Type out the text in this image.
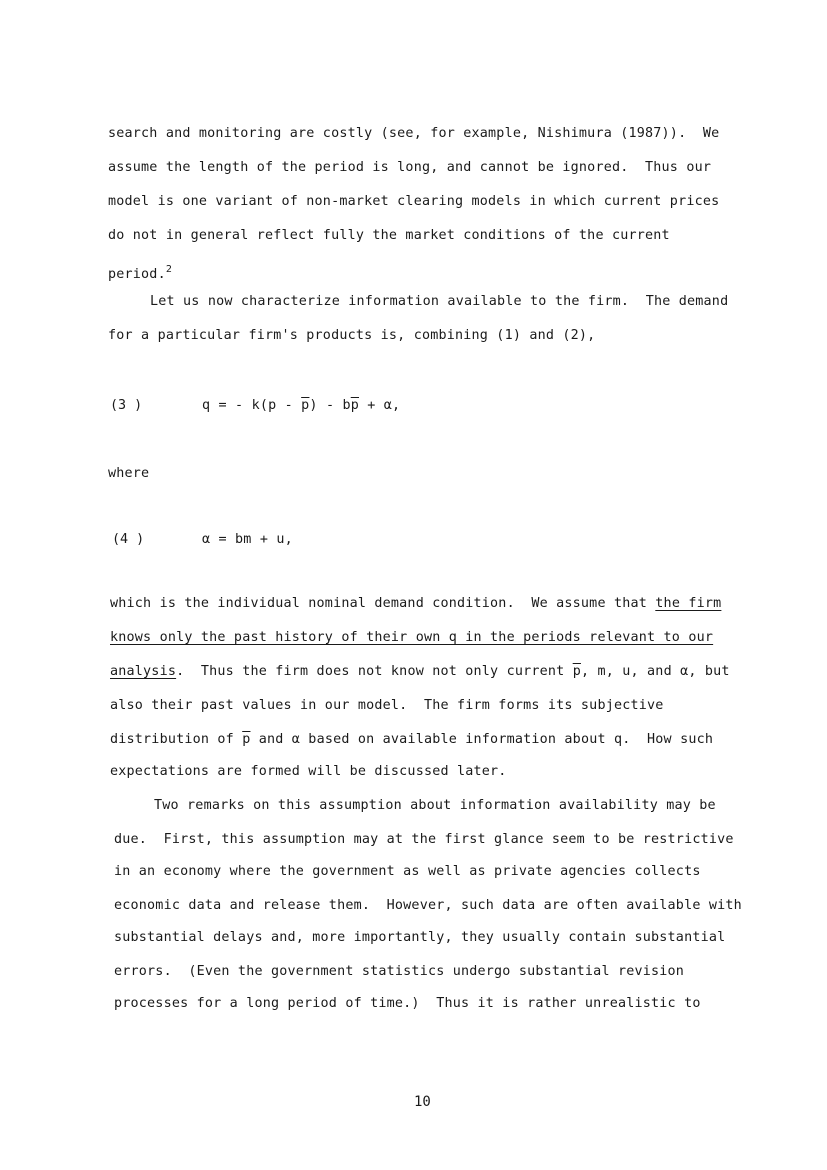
search and monitoring are costly (see, for example, Nishimura (1987)).  We
assume the length of the period is long, and cannot be ignored.  Thus our
model is one variant of non-market clearing models in which current prices
do not in general reflect fully the market conditions of the current
period.$^2$
Let us now characterize information available to the firm.  The demand
for a particular firm's products is, combining (1) and (2),
(3 )	q = - $k(p - \overline{p}) - b\overline{p} + \alpha$,
where
(4 )	α = bm + u,
which is the individual nominal demand condition.  We assume that the firm
knows only the past history of their own q in the periods relevant to our
analysis.  Thus the firm does not know not only current $\overline{p}$, m, u, and α, but
also their past values in our model.  The firm forms its subjective
distribution of $\overline{p}$ and α based on available information about q.  How such
expectations are formed will be discussed later.
Two remarks on this assumption about information availability may be
due.  First, this assumption may at the first glance seem to be restrictive
in an economy where the government as well as private agencies collects
economic data and release them.  However, such data are often available with
substantial delays and, more importantly, they usually contain substantial
errors.  (Even the government statistics undergo substantial revision
processes for a long period of time.)  Thus it is rather unrealistic to
10
